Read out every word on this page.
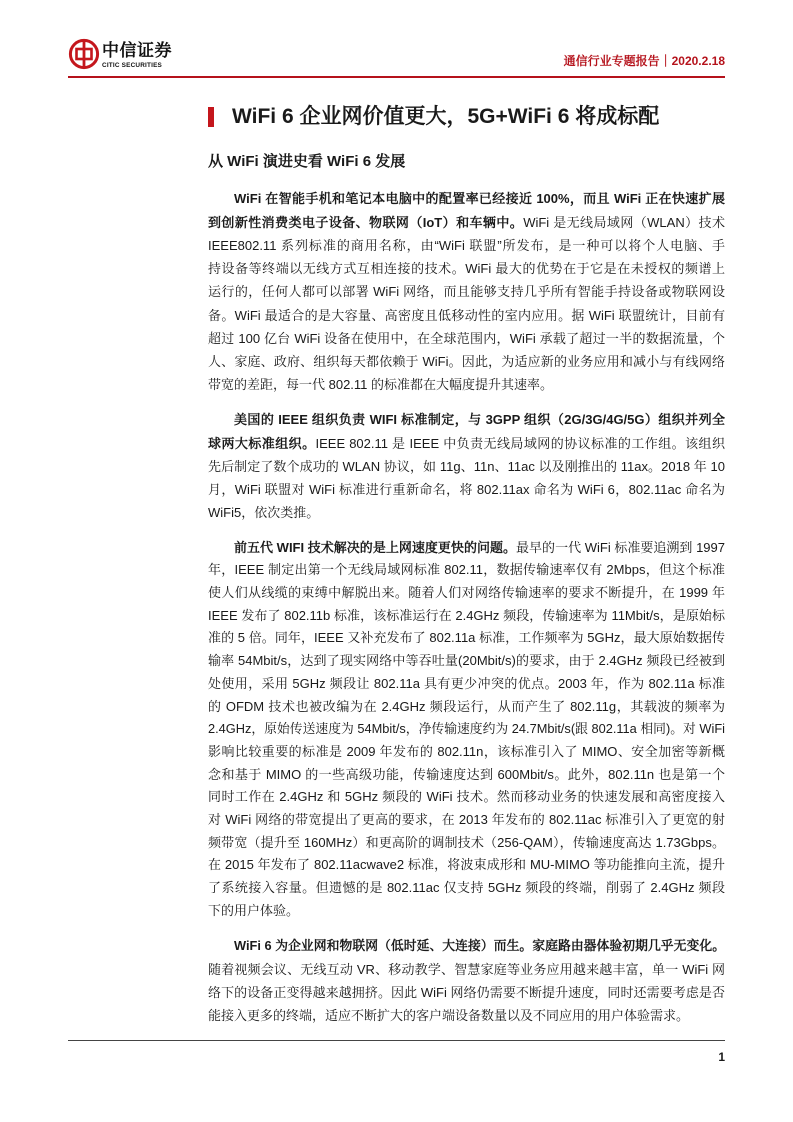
中信证券
CITIC SECURITIES	通信行业专题报告｜2020.2.18
WiFi 6 企业网价值更大，5G+WiFi 6 将成标配
从 WiFi 演进史看 WiFi 6 发展
WiFi 在智能手机和笔记本电脑中的配置率已经接近 100%，而且 WiFi 正在快速扩展
到创新性消费类电子设备、物联网（IoT）和车辆中。WiFi 是无线局域网（WLAN）技术
IEEE802.11 系列标准的商用名称，由“WiFi 联盟”所发布，是一种可以将个人电脑、手
持设备等终端以无线方式互相连接的技术。WiFi 最大的优势在于它是在未授权的频谱上
运行的，任何人都可以部署 WiFi 网络，而且能够支持几乎所有智能手持设备或物联网设
备。WiFi 最适合的是大容量、高密度且低移动性的室内应用。据 WiFi 联盟统计，目前有
超过 100 亿台 WiFi 设备在使用中，在全球范围内，WiFi 承载了超过一半的数据流量，个
人、家庭、政府、组织每天都依赖于 WiFi。因此，为适应新的业务应用和减小与有线网络
带宽的差距，每一代 802.11 的标准都在大幅度提升其速率。
美国的 IEEE 组织负责 WIFI 标准制定，与 3GPP 组织（2G/3G/4G/5G）组织并列全
球两大标准组织。IEEE 802.11 是 IEEE 中负责无线局域网的协议标准的工作组。该组织
先后制定了数个成功的 WLAN 协议，如 11g、11n、11ac 以及刚推出的 11ax。2018 年 10
月，WiFi 联盟对 WiFi 标准进行重新命名，将 802.11ax 命名为 WiFi 6，802.11ac 命名为
WiFi5，依次类推。
前五代 WIFI 技术解决的是上网速度更快的问题。最早的一代 WiFi 标准要追溯到 1997
年，IEEE 制定出第一个无线局域网标准 802.11，数据传输速率仅有 2Mbps，但这个标准
使人们从线缆的束缚中解脱出来。随着人们对网络传输速率的要求不断提升，在 1999 年
IEEE 发布了 802.11b 标准，该标准运行在 2.4GHz 频段，传输速率为 11Mbit/s，是原始标
准的 5 倍。同年，IEEE 又补充发布了 802.11a 标准，工作频率为 5GHz，最大原始数据传
输率 54Mbit/s，达到了现实网络中等吞吐量(20Mbit/s)的要求，由于 2.4GHz 频段已经被到
处使用，采用 5GHz 频段让 802.11a 具有更少冲突的优点。2003 年，作为 802.11a 标准
的 OFDM 技术也被改编为在 2.4GHz 频段运行，从而产生了 802.11g，其载波的频率为
2.4GHz，原始传送速度为 54Mbit/s，净传输速度约为 24.7Mbit/s(跟 802.11a 相同)。对 WiFi
影响比较重要的标准是 2009 年发布的 802.11n，该标准引入了 MIMO、安全加密等新概
念和基于 MIMO 的一些高级功能，传输速度达到 600Mbit/s。此外，802.11n 也是第一个
同时工作在 2.4GHz 和 5GHz 频段的 WiFi 技术。然而移动业务的快速发展和高密度接入
对 WiFi 网络的带宽提出了更高的要求，在 2013 年发布的 802.11ac 标准引入了更宽的射
频带宽（提升至 160MHz）和更高阶的调制技术（256-QAM），传输速度高达 1.73Gbps。
在 2015 年发布了 802.11acwave2 标准，将波束成形和 MU-MIMO 等功能推向主流，提升
了系统接入容量。但遗憾的是 802.11ac 仅支持 5GHz 频段的终端，削弱了 2.4GHz 频段
下的用户体验。
WiFi 6 为企业网和物联网（低时延、大连接）而生。家庭路由器体验初期几乎无变化。
随着视频会议、无线互动 VR、移动教学、智慧家庭等业务应用越来越丰富，单一 WiFi 网
络下的设备正变得越来越拥挤。因此 WiFi 网络仍需要不断提升速度，同时还需要考虑是否
能接入更多的终端，适应不断扩大的客户端设备数量以及不同应用的用户体验需求。
1
